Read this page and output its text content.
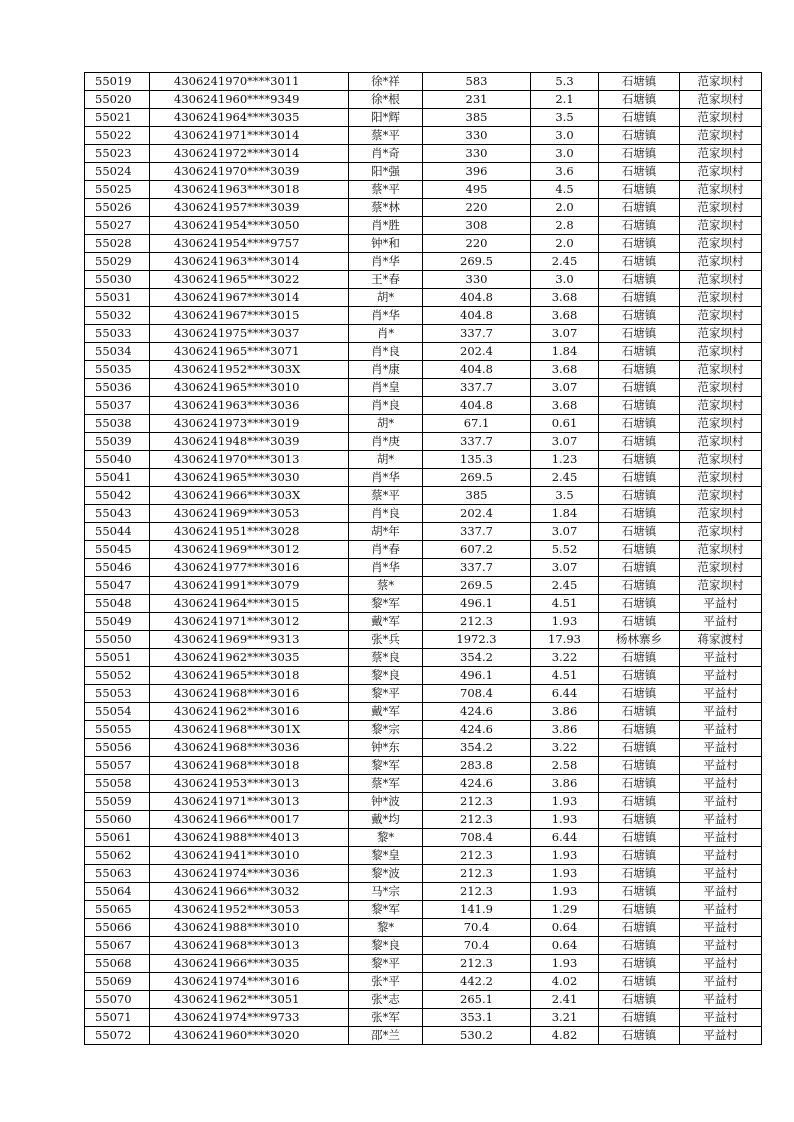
55019	4306241970****3011	徐*祥	583	5.3	石塘镇	范家坝村
55020	4306241960****9349	徐*根	231	2.1	石塘镇	范家坝村
55021	4306241964****3035	阳*辉	385	3.5	石塘镇	范家坝村
55022	4306241971****3014	蔡*平	330	3.0	石塘镇	范家坝村
55023	4306241972****3014	肖*奇	330	3.0	石塘镇	范家坝村
55024	4306241970****3039	阳*强	396	3.6	石塘镇	范家坝村
55025	4306241963****3018	蔡*平	495	4.5	石塘镇	范家坝村
55026	4306241957****3039	蔡*林	220	2.0	石塘镇	范家坝村
55027	4306241954****3050	肖*胜	308	2.8	石塘镇	范家坝村
55028	4306241954****9757	钟*和	220	2.0	石塘镇	范家坝村
55029	4306241963****3014	肖*华	269.5	2.45	石塘镇	范家坝村
55030	4306241965****3022	王*春	330	3.0	石塘镇	范家坝村
55031	4306241967****3014	胡*	404.8	3.68	石塘镇	范家坝村
55032	4306241967****3015	肖*华	404.8	3.68	石塘镇	范家坝村
55033	4306241975****3037	肖*	337.7	3.07	石塘镇	范家坝村
55034	4306241965****3071	肖*良	202.4	1.84	石塘镇	范家坝村
55035	4306241952****303X	肖*康	404.8	3.68	石塘镇	范家坝村
55036	4306241965****3010	肖*皇	337.7	3.07	石塘镇	范家坝村
55037	4306241963****3036	肖*良	404.8	3.68	石塘镇	范家坝村
55038	4306241973****3019	胡*	67.1	0.61	石塘镇	范家坝村
55039	4306241948****3039	肖*庚	337.7	3.07	石塘镇	范家坝村
55040	4306241970****3013	胡*	135.3	1.23	石塘镇	范家坝村
55041	4306241965****3030	肖*华	269.5	2.45	石塘镇	范家坝村
55042	4306241966****303X	蔡*平	385	3.5	石塘镇	范家坝村
55043	4306241969****3053	肖*良	202.4	1.84	石塘镇	范家坝村
55044	4306241951****3028	胡*年	337.7	3.07	石塘镇	范家坝村
55045	4306241969****3012	肖*春	607.2	5.52	石塘镇	范家坝村
55046	4306241977****3016	肖*华	337.7	3.07	石塘镇	范家坝村
55047	4306241991****3079	蔡*	269.5	2.45	石塘镇	范家坝村
55048	4306241964****3015	黎*军	496.1	4.51	石塘镇	平益村
55049	4306241971****3012	戴*军	212.3	1.93	石塘镇	平益村
55050	4306241969****9313	张*兵	1972.3	17.93	杨林寨乡	蒋家渡村
55051	4306241962****3035	蔡*良	354.2	3.22	石塘镇	平益村
55052	4306241965****3018	黎*良	496.1	4.51	石塘镇	平益村
55053	4306241968****3016	黎*平	708.4	6.44	石塘镇	平益村
55054	4306241962****3016	戴*军	424.6	3.86	石塘镇	平益村
55055	4306241968****301X	黎*宗	424.6	3.86	石塘镇	平益村
55056	4306241968****3036	钟*东	354.2	3.22	石塘镇	平益村
55057	4306241968****3018	黎*军	283.8	2.58	石塘镇	平益村
55058	4306241953****3013	蔡*军	424.6	3.86	石塘镇	平益村
55059	4306241971****3013	钟*波	212.3	1.93	石塘镇	平益村
55060	4306241966****0017	戴*均	212.3	1.93	石塘镇	平益村
55061	4306241988****4013	黎*	708.4	6.44	石塘镇	平益村
55062	4306241941****3010	黎*皇	212.3	1.93	石塘镇	平益村
55063	4306241974****3036	黎*波	212.3	1.93	石塘镇	平益村
55064	4306241966****3032	马*宗	212.3	1.93	石塘镇	平益村
55065	4306241952****3053	黎*军	141.9	1.29	石塘镇	平益村
55066	4306241988****3010	黎*	70.4	0.64	石塘镇	平益村
55067	4306241968****3013	黎*良	70.4	0.64	石塘镇	平益村
55068	4306241966****3035	黎*平	212.3	1.93	石塘镇	平益村
55069	4306241974****3016	张*平	442.2	4.02	石塘镇	平益村
55070	4306241962****3051	张*志	265.1	2.41	石塘镇	平益村
55071	4306241974****9733	张*军	353.1	3.21	石塘镇	平益村
55072	4306241960****3020	邵*兰	530.2	4.82	石塘镇	平益村
